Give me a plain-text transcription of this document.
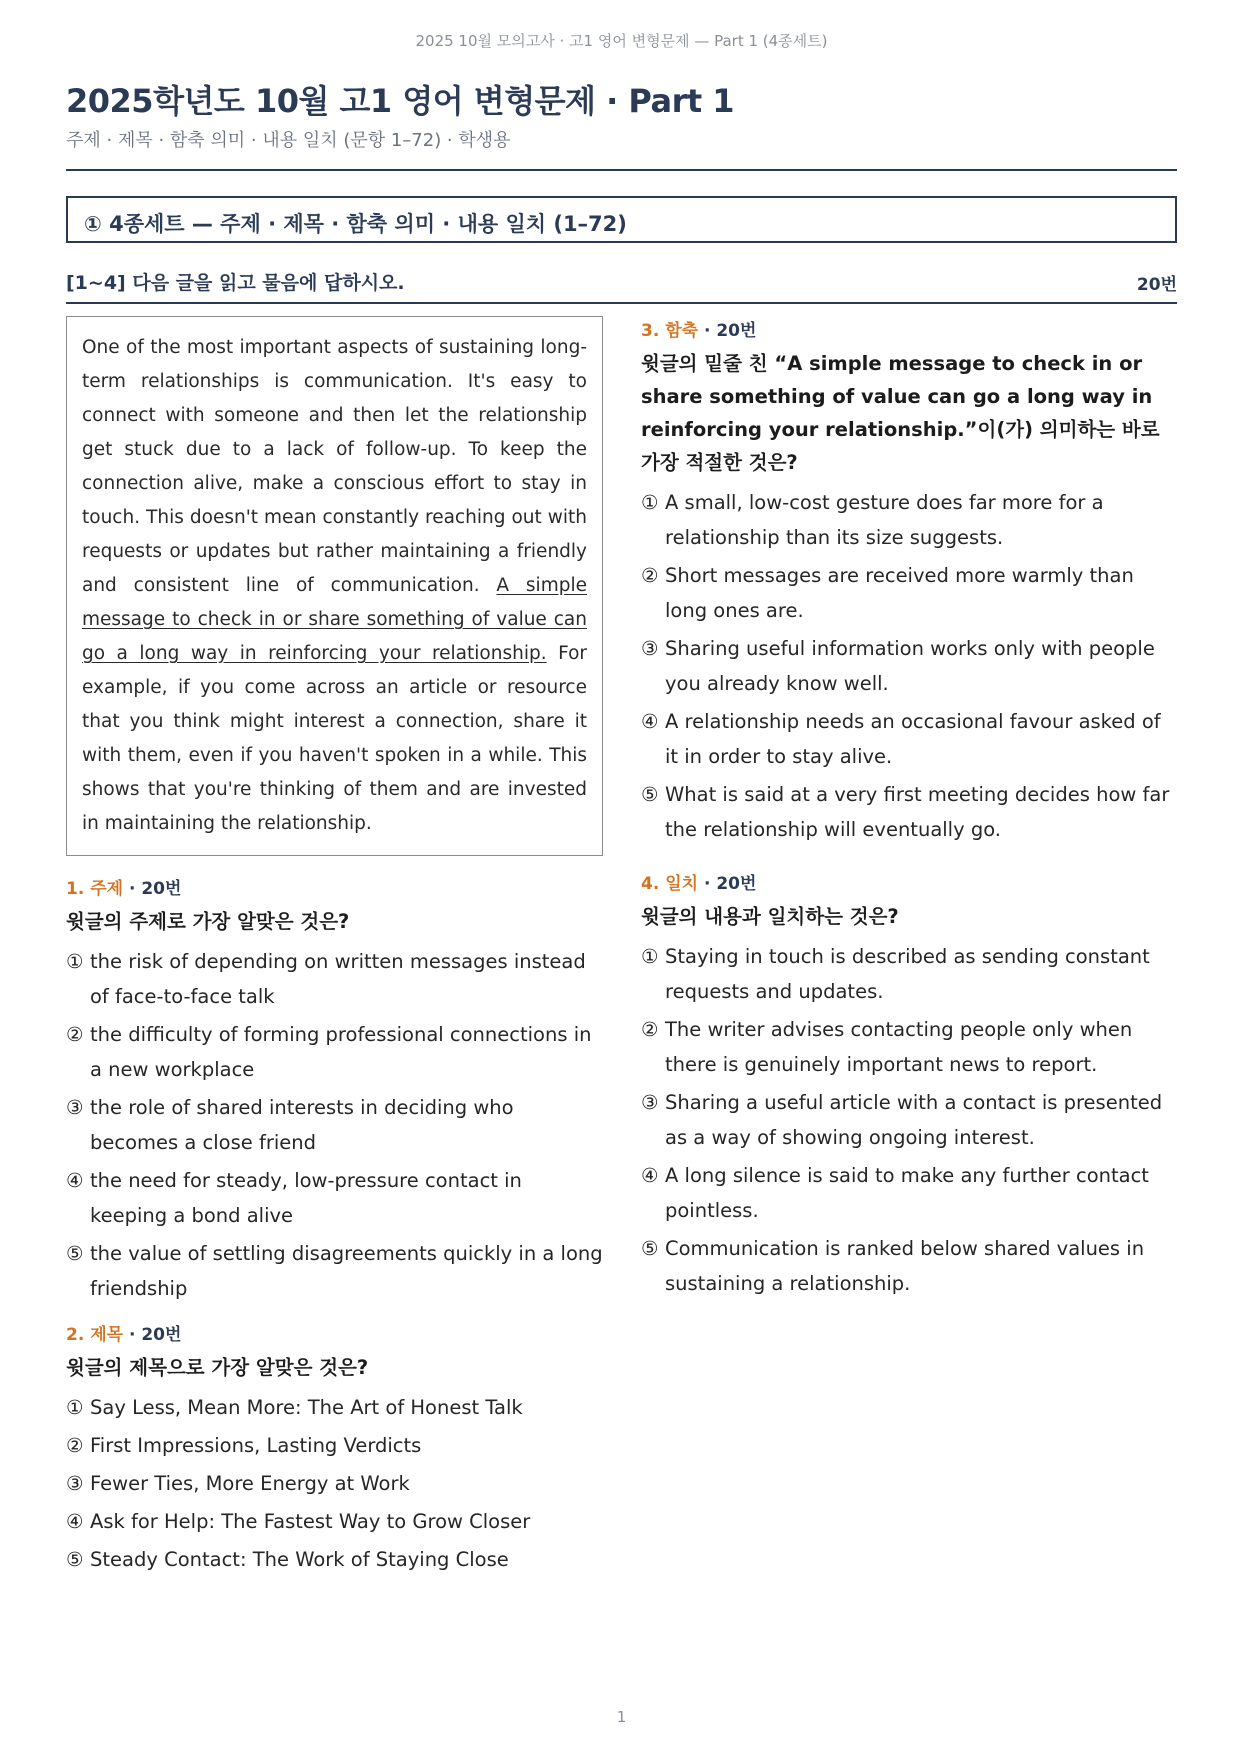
2025 10월 모의고사 · 고1 영어 변형문제 — Part 1 (4종세트)
2025학년도 10월 고1 영어 변형문제 · Part 1
주제 · 제목 · 함축 의미 · 내용 일치 (문항 1–72) · 학생용
① 4종세트 — 주제 · 제목 · 함축 의미 · 내용 일치 (1–72)
[1~4] 다음 글을 읽고 물음에 답하시오.	20번
One of the most important aspects of sustaining long-term relationships is communication. It's easy to connect with someone and then let the relationship get stuck due to a lack of follow-up. To keep the connection alive, make a conscious effort to stay in touch. This doesn't mean constantly reaching out with requests or updates but rather maintaining a friendly and consistent line of communication. A simple message to check in or share something of value can go a long way in reinforcing your relationship. For example, if you come across an article or resource that you think might interest a connection, share it with them, even if you haven't spoken in a while. This shows that you're thinking of them and are invested in maintaining the relationship.
1. 주제 · 20번
윗글의 주제로 가장 알맞은 것은?
① the risk of depending on written messages instead of face-to-face talk
② the difficulty of forming professional connections in a new workplace
③ the role of shared interests in deciding who becomes a close friend
④ the need for steady, low-pressure contact in keeping a bond alive
⑤ the value of settling disagreements quickly in a long friendship
2. 제목 · 20번
윗글의 제목으로 가장 알맞은 것은?
① Say Less, Mean More: The Art of Honest Talk
② First Impressions, Lasting Verdicts
③ Fewer Ties, More Energy at Work
④ Ask for Help: The Fastest Way to Grow Closer
⑤ Steady Contact: The Work of Staying Close
3. 함축 · 20번
윗글의 밑줄 친 “A simple message to check in or share something of value can go a long way in reinforcing your relationship.”이(가) 의미하는 바로 가장 적절한 것은?
① A small, low-cost gesture does far more for a relationship than its size suggests.
② Short messages are received more warmly than long ones are.
③ Sharing useful information works only with people you already know well.
④ A relationship needs an occasional favour asked of it in order to stay alive.
⑤ What is said at a very first meeting decides how far the relationship will eventually go.
4. 일치 · 20번
윗글의 내용과 일치하는 것은?
① Staying in touch is described as sending constant requests and updates.
② The writer advises contacting people only when there is genuinely important news to report.
③ Sharing a useful article with a contact is presented as a way of showing ongoing interest.
④ A long silence is said to make any further contact pointless.
⑤ Communication is ranked below shared values in sustaining a relationship.
1
